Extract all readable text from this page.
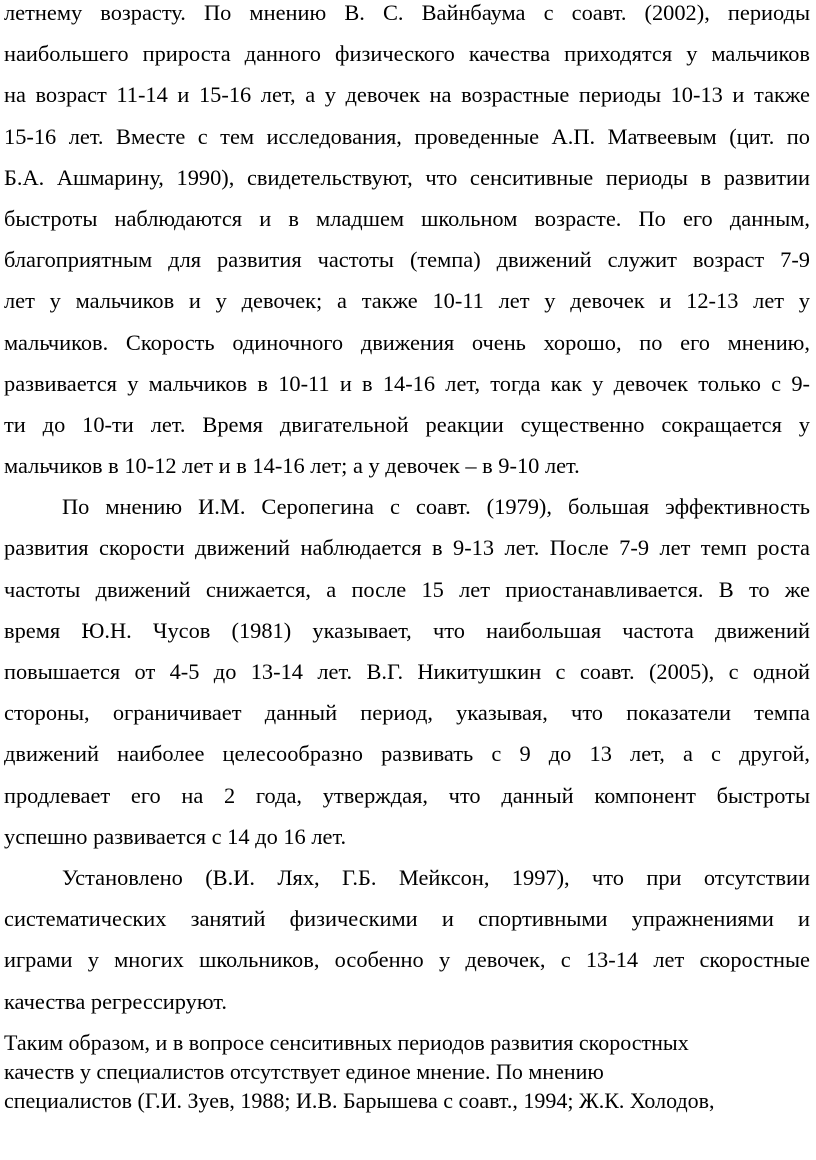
летнему возрасту. По мнению В. С. Вайнбаума с соавт. (2002), периоды
наибольшего прироста данного физического качества приходятся у мальчиков
на возраст 11-14 и 15-16 лет, а у девочек на возрастные периоды 10-13 и также
15-16 лет. Вместе с тем исследования, проведенные А.П. Матвеевым (цит. по
Б.А. Ашмарину, 1990), свидетельствуют, что сенситивные периоды в развитии
быстроты наблюдаются и в младшем школьном возрасте. По его данным,
благоприятным для развития частоты (темпа) движений служит возраст 7-9
лет у мальчиков и у девочек; а также 10-11 лет у девочек и 12-13 лет у
мальчиков. Скорость одиночного движения очень хорошо, по его мнению,
развивается у мальчиков в 10-11 и в 14-16 лет, тогда как у девочек только с 9-
ти до 10-ти лет. Время двигательной реакции существенно сокращается у
мальчиков в 10-12 лет и в 14-16 лет; а у девочек – в 9-10 лет.
По мнению И.М. Серопегина с соавт. (1979), большая эффективность
развития скорости движений наблюдается в 9-13 лет. После 7-9 лет темп роста
частоты движений снижается, а после 15 лет приостанавливается. В то же
время Ю.Н. Чусов (1981) указывает, что наибольшая частота движений
повышается от 4-5 до 13-14 лет. В.Г. Никитушкин с соавт. (2005), с одной
стороны, ограничивает данный период, указывая, что показатели темпа
движений наиболее целесообразно развивать с 9 до 13 лет, а с другой,
продлевает его на 2 года, утверждая, что данный компонент быстроты
успешно развивается с 14 до 16 лет.
Установлено (В.И. Лях, Г.Б. Мейксон, 1997), что при отсутствии
систематических занятий физическими и спортивными упражнениями и
играми у многих школьников, особенно у девочек, с 13-14 лет скоростные
качества регрессируют.
Таким образом, и в вопросе сенситивных периодов развития скоростных
качеств у специалистов отсутствует единое мнение. По мнению
специалистов (Г.И. Зуев, 1988; И.В. Барышева с соавт., 1994; Ж.К. Холодов,
